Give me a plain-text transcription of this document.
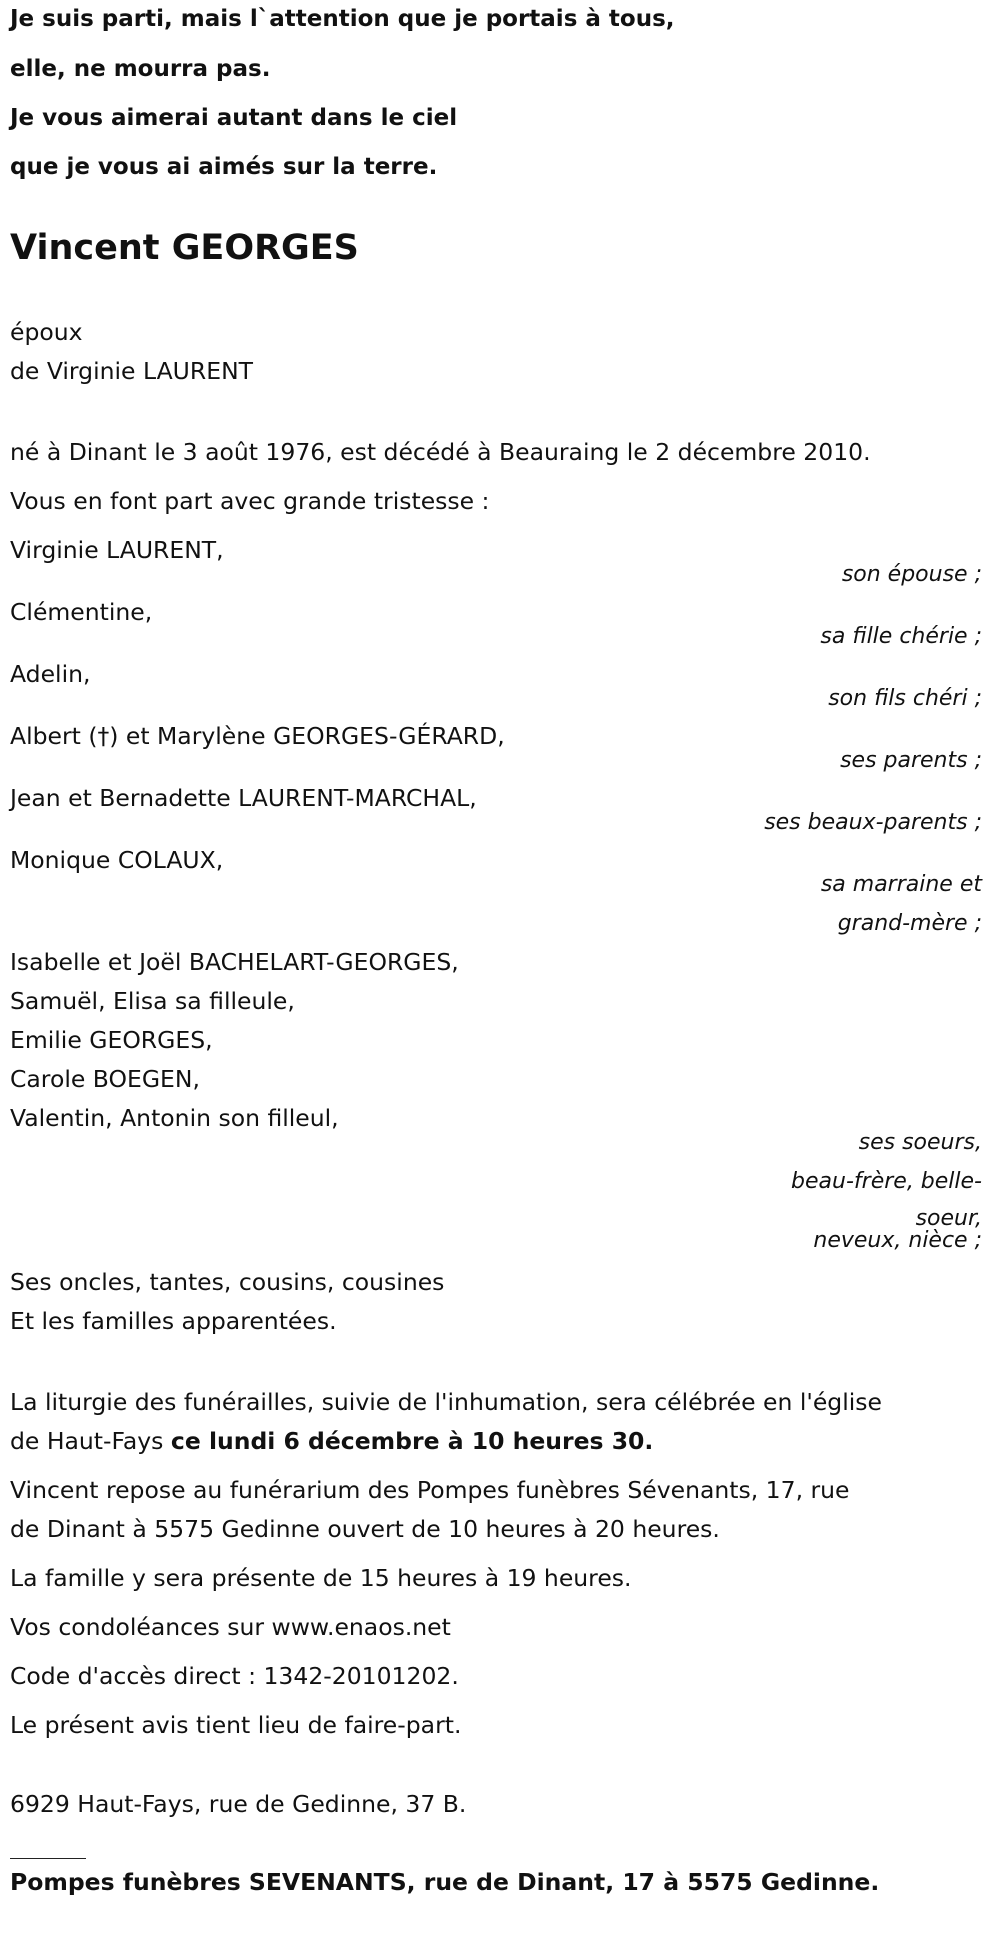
Je suis parti, mais l`attention que je portais à tous,
elle, ne mourra pas.
Je vous aimerai autant dans le ciel
que je vous ai aimés sur la terre.
Vincent GEORGES
époux
de Virginie LAURENT
né à Dinant le 3 août 1976, est décédé à Beauraing le 2 décembre 2010.
Vous en font part avec grande tristesse :
Virginie LAURENT,
son épouse ;
Clémentine,
sa fille chérie ;
Adelin,
son fils chéri ;
Albert (†) et Marylène GEORGES-GÉRARD,
ses parents ;
Jean et Bernadette LAURENT-MARCHAL,
ses beaux-parents ;
Monique COLAUX,
sa marraine et
grand-mère ;
Isabelle et Joël BACHELART-GEORGES,
Samuël, Elisa sa filleule,
Emilie GEORGES,
Carole BOEGEN,
Valentin, Antonin son filleul,
ses soeurs,
beau-frère, belle-
soeur,
neveux, nièce ;
Ses oncles, tantes, cousins, cousines
Et les familles apparentées.
La liturgie des funérailles, suivie de l'inhumation, sera célébrée en l'église
de Haut-Fays ce lundi 6 décembre à 10 heures 30.
Vincent repose au funérarium des Pompes funèbres Sévenants, 17, rue
de Dinant à 5575 Gedinne ouvert de 10 heures à 20 heures.
La famille y sera présente de 15 heures à 19 heures.
Vos condoléances sur www.enaos.net
Code d'accès direct : 1342-20101202.
Le présent avis tient lieu de faire-part.
6929 Haut-Fays, rue de Gedinne, 37 B.
Pompes funèbres SEVENANTS, rue de Dinant, 17 à 5575 Gedinne.
